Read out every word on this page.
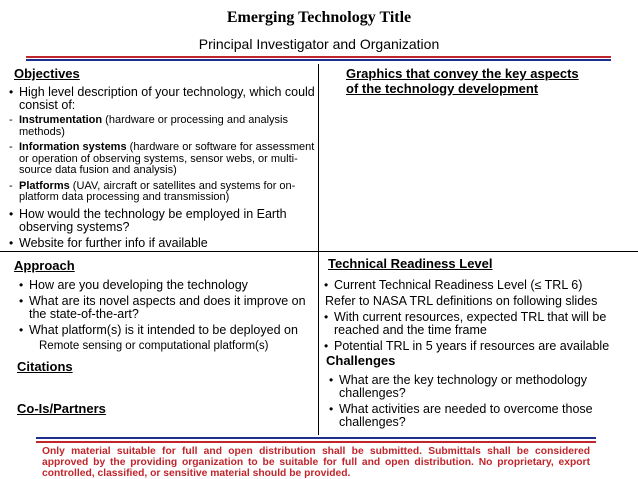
Emerging Technology Title
Principal Investigator and Organization
Objectives
• High level description of your technology, which could consist of:
- Instrumentation (hardware or processing and analysis methods)
- Information systems (hardware or software for assessment or operation of observing systems, sensor webs, or multi-source data fusion and analysis)
- Platforms (UAV, aircraft or satellites and systems for on-platform data processing and transmission)
• How would the technology be employed in Earth observing systems?
• Website for further info if available
Graphics that convey the key aspects
of the technology development
Approach
• How are you developing the technology
• What are its novel aspects and does it improve on the state-of-the-art?
• What platform(s) is it intended to be deployed on
Remote sensing or computational platform(s)
Citations
Co-Is/Partners
Technical Readiness Level
• Current Technical Readiness Level (≤ TRL 6)
Refer to NASA TRL definitions on following slides
• With current resources, expected TRL that will be reached and the time frame
• Potential TRL in 5 years if resources are available
Challenges
• What are the key technology or methodology challenges?
• What activities are needed to overcome those challenges?
Only material suitable for full and open distribution shall be submitted. Submittals shall be considered approved by the providing organization to be suitable for full and open distribution. No proprietary, export controlled, classified, or sensitive material should be provided.
